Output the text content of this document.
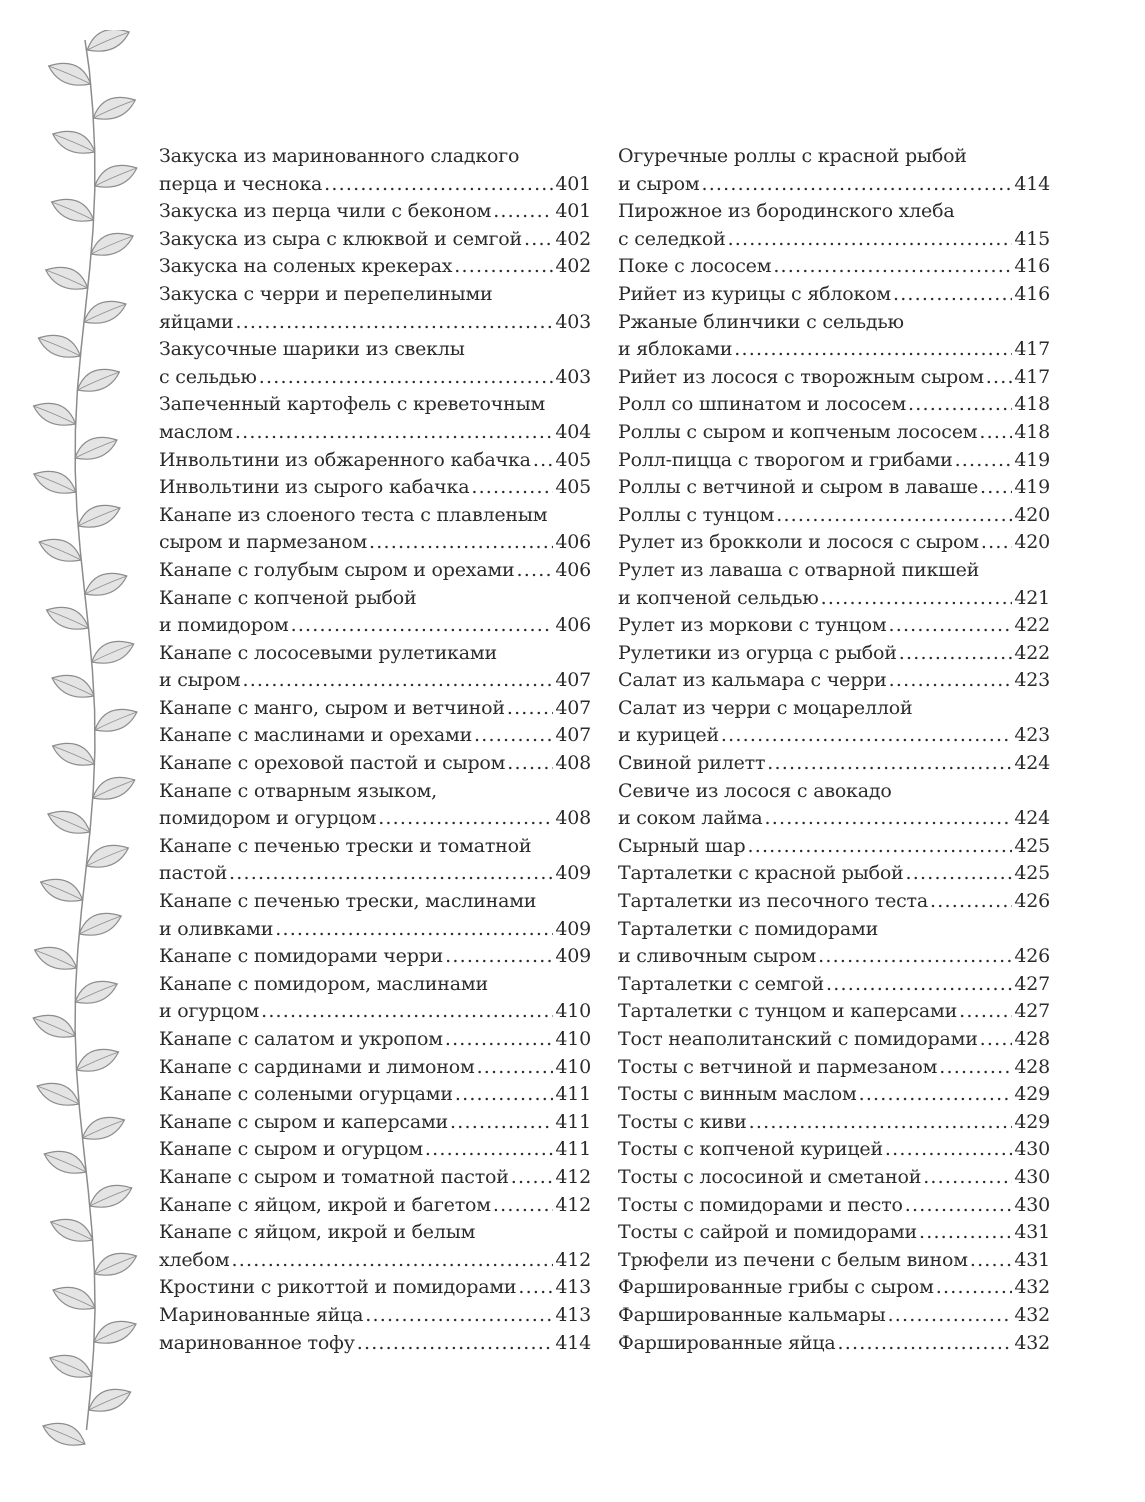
Закуска из маринованного сладкого
перца и чеснока .....	401
Закуска из перца чили с беконом .....	401
Закуска из сыра с клюквой и семгой ..... 402
Закуска на соленых крекерах .....	402
Закуска с черри и перепелиными
яйцами .....	403
Закусочные шарики из свеклы
с сельдью .....	403
Запеченный картофель с креветочным
маслом .....	404
Инвольтини из обжаренного кабачка ..... 405
Инвольтини из сырого кабачка .....	405
Канапе из слоеного теста с плавленым
сыром и пармезаном .....	406
Канапе с голубым сыром и орехами ..... 406
Канапе с копченой рыбой
и помидором .....	406
Канапе с лососевыми рулетиками
и сыром .....	407
Канапе с манго, сыром и ветчиной .....	407
Канапе с маслинами и орехами .....	407
Канапе с ореховой пастой и сыром .....	408
Канапе с отварным языком,
помидором и огурцом .....	408
Канапе с печенью трески и томатной
пастой .....	409
Канапе с печенью трески, маслинами
и оливками .....	409
Канапе с помидорами черри .....	409
Канапе с помидором, маслинами
и огурцом .....	410
Канапе с салатом и укропом .....	410
Канапе с сардинами и лимоном .....	410
Канапе с солеными огурцами .....	411
Канапе с сыром и каперсами .....	411
Канапе с сыром и огурцом .....	411
Канапе с сыром и томатной пастой ..... 412
Канапе с яйцом, икрой и багетом .....	412
Канапе с яйцом, икрой и белым
хлебом .....	412
Кростини с рикоттой и помидорами ..... 413
Маринованные яйца .....	413
маринованное тофу .....	414
Огуречные роллы с красной рыбой
и сыром .....	414
Пирожное из бородинского хлеба
с селедкой .....	415
Поке с лососем .....	416
Рийет из курицы с яблоком .....	416
Ржаные блинчики с сельдью
и яблоками .....	417
Рийет из лосося с творожным сыром ..... 417
Ролл со шпинатом и лососем .....	418
Роллы с сыром и копченым лососем ..... 418
Ролл-пицца с творогом и грибами .....	419
Роллы с ветчиной и сыром в лаваше ..... 419
Роллы с тунцом .....	420
Рулет из брокколи и лосося с сыром ..... 420
Рулет из лаваша с отварной пикшей
и копченой сельдью .....	421
Рулет из моркови с тунцом .....	422
Рулетики из огурца с рыбой .....	422
Салат из кальмара с черри .....	423
Салат из черри с моцареллой
и курицей .....	423
Свиной рилетт .....	424
Севиче из лосося с авокадо
и соком лайма .....	424
Сырный шар .....	425
Тарталетки с красной рыбой .....	425
Тарталетки из песочного теста .....	426
Тарталетки с помидорами
и сливочным сыром .....	426
Тарталетки с семгой .....	427
Тарталетки с тунцом и каперсами .....	427
Тост неаполитанский с помидорами ..... 428
Тосты с ветчиной и пармезаном .....	428
Тосты с винным маслом .....	429
Тосты с киви .....	429
Тосты с копченой курицей .....	430
Тосты с лососиной и сметаной .....	430
Тосты с помидорами и песто .....	430
Тосты с сайрой и помидорами .....	431
Трюфели из печени с белым вином ..... 431
Фаршированные грибы с сыром .....	432
Фаршированные кальмары .....	432
Фаршированные яйца .....	432
